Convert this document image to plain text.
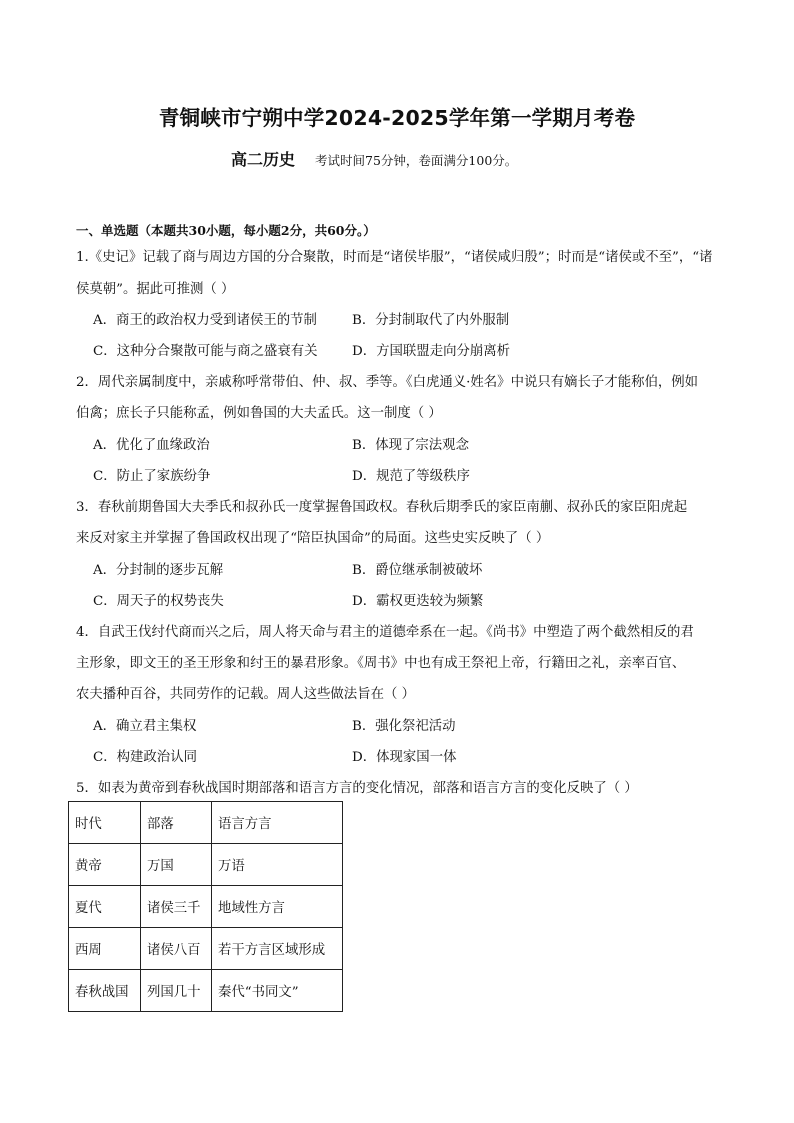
青铜峡市宁朔中学2024-2025学年第一学期月考卷
高二历史 考试时间75分钟，卷面满分100分。
一、单选题（本题共30小题，每小题2分，共60分。）
1.《史记》记载了商与周边方国的分合聚散，时而是“诸侯毕服”，“诸侯咸归殷”；时而是“诸侯或不至”，“诸
侯莫朝”。据此可推测（ ）
A．商王的政治权力受到诸侯王的节制	B．分封制取代了内外服制
C．这种分合聚散可能与商之盛衰有关	D．方国联盟走向分崩离析
2．周代亲属制度中，亲戚称呼常带伯、仲、叔、季等。《白虎通义·姓名》中说只有嫡长子才能称伯，例如
伯禽；庶长子只能称孟，例如鲁国的大夫孟氏。这一制度（ ）
A．优化了血缘政治	B．体现了宗法观念
C．防止了家族纷争	D．规范了等级秩序
3．春秋前期鲁国大夫季氏和叔孙氏一度掌握鲁国政权。春秋后期季氏的家臣南蒯、叔孙氏的家臣阳虎起
来反对家主并掌握了鲁国政权出现了“陪臣执国命”的局面。这些史实反映了（ ）
A．分封制的逐步瓦解	B．爵位继承制被破坏
C．周天子的权势丧失	D．霸权更迭较为频繁
4．自武王伐纣代商而兴之后，周人将天命与君主的道德牵系在一起。《尚书》中塑造了两个截然相反的君
主形象，即文王的圣王形象和纣王的暴君形象。《周书》中也有成王祭祀上帝，行籍田之礼，亲率百官、
农夫播种百谷，共同劳作的记载。周人这些做法旨在（ ）
A．确立君主集权	B．强化祭祀活动
C．构建政治认同	D．体现家国一体
5．如表为黄帝到春秋战国时期部落和语言方言的变化情况，部落和语言方言的变化反映了（ ）
时代	部落	语言方言
黄帝	万国	万语
夏代	诸侯三千	地域性方言
西周	诸侯八百	若干方言区域形成
春秋战国	列国几十	秦代“书同文”
